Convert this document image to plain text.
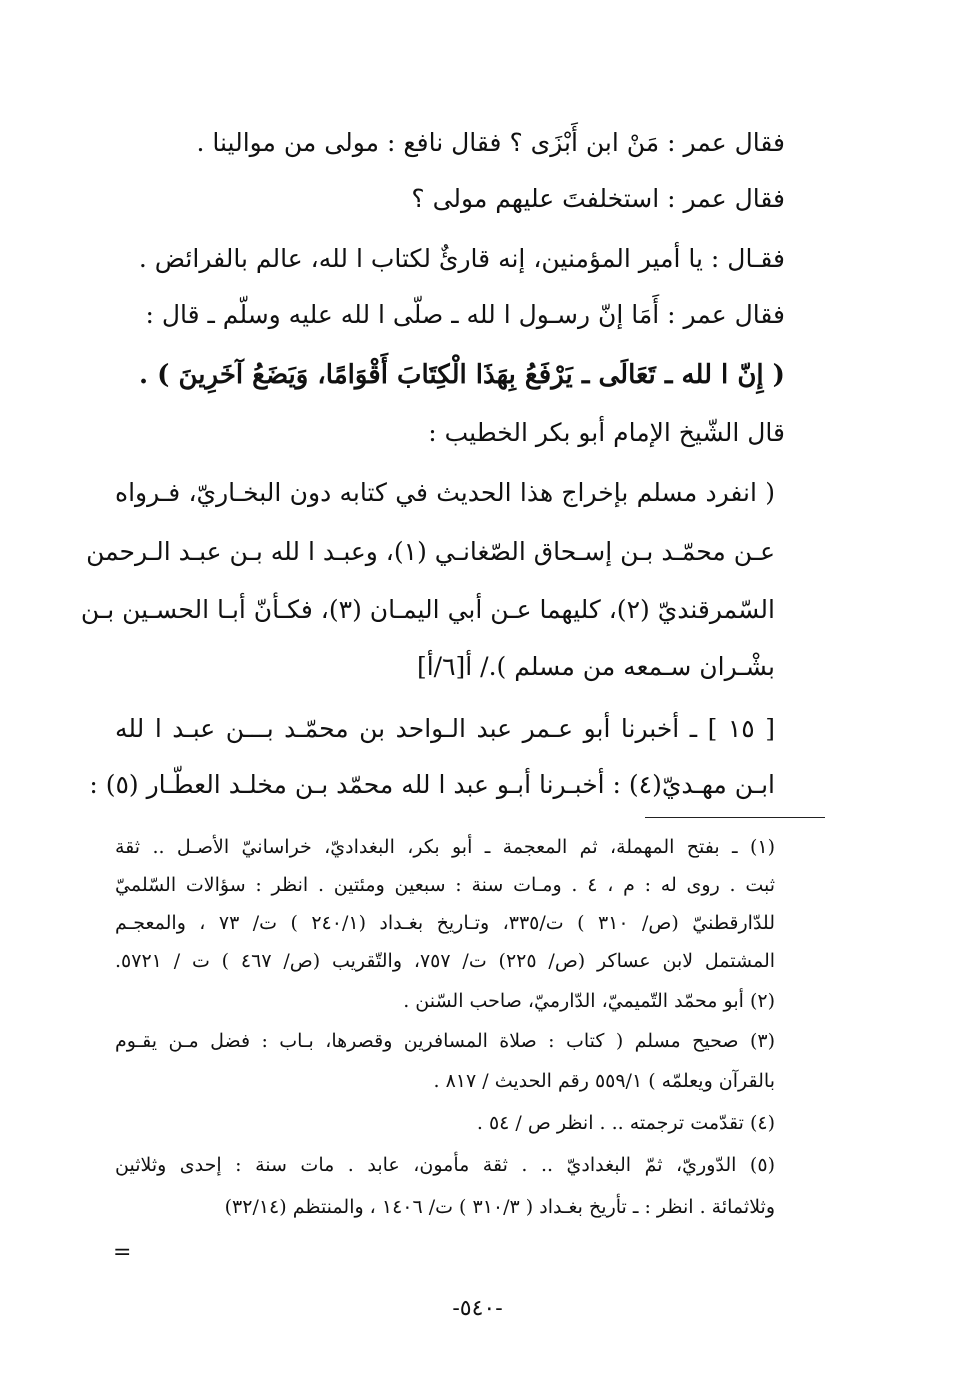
فقال عمر : مَنْ ابن أَبْزَى ؟ فقال نافع : مولى من موالينا .
فقال عمر : استخلفتَ عليهم مولى ؟
فقـال : يا أمير المؤمنين، إنه قارئٌ لكتاب ا لله، عالم بالفرائض .
فقال عمر : أَمَا إنّ رسـول ا لله ـ صلّى ا لله عليه وسلّم ـ قال :
( إِنّ ا لله ـ تَعَالَى ـ يَرْفَعُ بِهَذَا الْكِتَابَ أَقْوَامًا، وَيَضَعُ آخَرِينَ ) .
قال الشّيخ الإمام أبو بكر الخطيب :
( انفرد مسلم بإخراج هذا الحديث في كتابه دون البخـاريّ، فـرواه
عـن محمّـد بـن إسـحاق الصّغانـي (١)، وعبـد ا لله بـن عبـد الـرحمن
السّمرقنديّ (٢)، كليهما عـن أبي اليمـان (٣)، فكـأنّ أبـا الحسـين بـن
بشْـران سـمعه من مسلم )./ أ[٦/أ]
[ ١٥ ] ـ أخبرنا أبو عـمر عبد الـواحد بن محمّـد بـــن عبـد ا لله
ابـن مهـديّ(٤) : أخبـرنا أبـو عبد ا لله محمّد بـن مخلـد العطّـار (٥) :
(١) ـ بفتح المهملة، ثم المعجمة ـ أبو بكر، البغداديّ، خراسانيّ الأصـل .. ثقة
ثبت . روى له : م ، ٤ . ومـات سنة : سبعين ومئتين . انظر : سؤالات السّلميّ
للدّارقطنيّ (ص/ ٣١٠ ) ت/٣٣٥، وتـاريخ بغـداد (٢٤٠/١ ) ت/ ٧٣ ، والمعجـم
المشتمل لابن عساكر (ص/ ٢٢٥) ت/ ٧٥٧، والتّقريب (ص/ ٤٦٧ ) ت / ٥٧٢١.
(٢) أبو محمّد التّميميّ، الدّارميّ، صاحب السّنن .
(٣) صحيح مسلم ( كتاب : صلاة المسافرين وقصرها، بـاب : فضل مـن يقـوم
بالقرآن ويعلمّه ) ٥٥٩/١ رقم الحديث / ٨١٧ .
(٤) تقدّمت ترجمته .. . انظر ص / ٥٤ .
(٥) الدّوريّ، ثمّ البغداديّ .. . ثقة مأمون، عابد . مات سنة : إحدى وثلاثين
وثلاثمائة . انظر : ـ تأريخ بغـداد ( ٣١٠/٣ ) ت/ ١٤٠٦ ، والمنتظم (٣٢/١٤)
=
-٥٤٠-
